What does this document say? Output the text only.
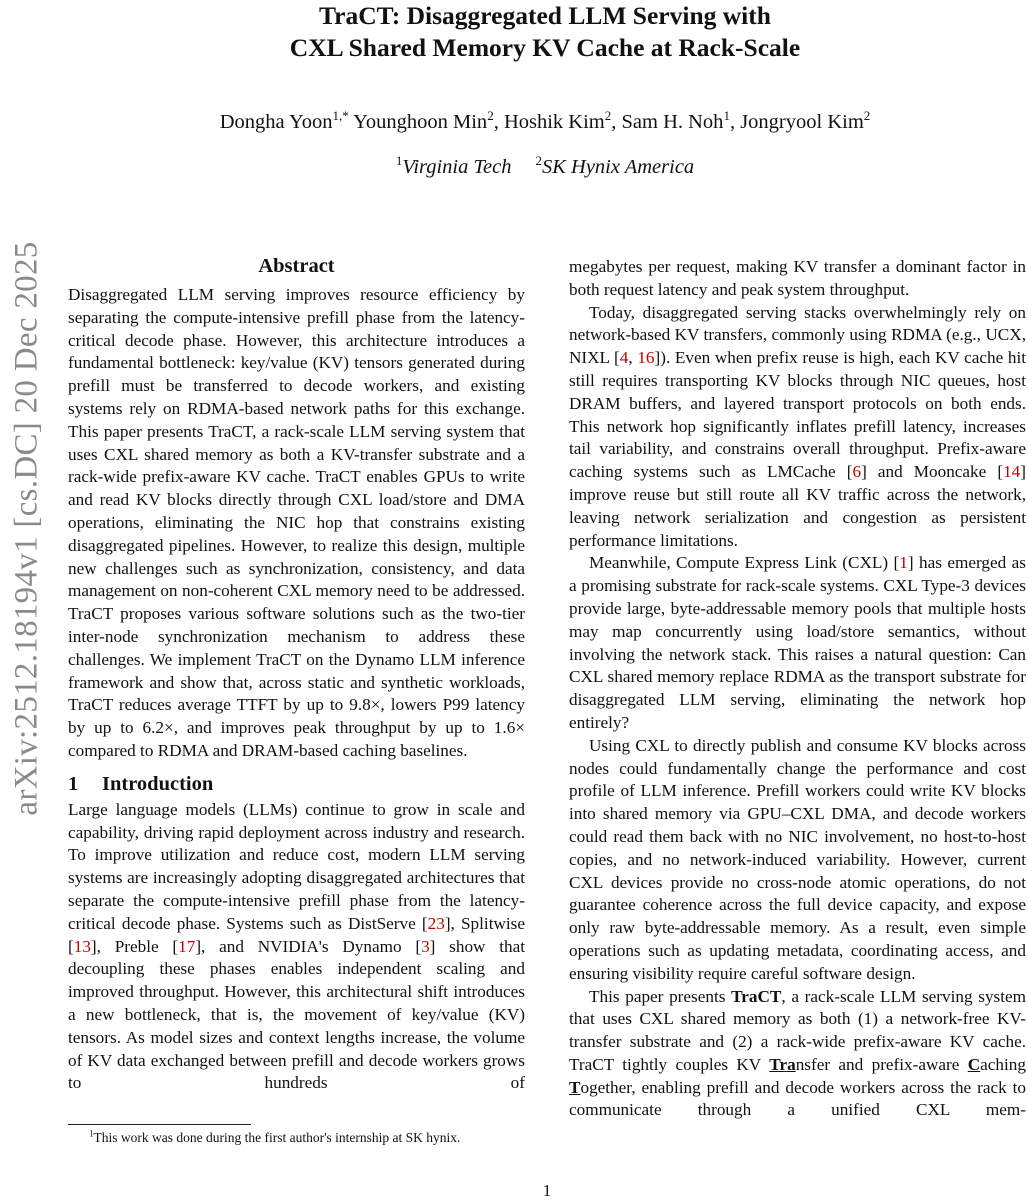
arXiv:2512.18194v1 [cs.DC] 20 Dec 2025
TraCT: Disaggregated LLM Serving with
CXL Shared Memory KV Cache at Rack-Scale
Dongha Yoon$^{1,*}$ Younghoon Min$^2$, Hoshik Kim$^2$, Sam H. Noh$^1$, Jongryool Kim$^2$
$^1$Virginia Tech $^2$SK Hynix America
Abstract

Disaggregated LLM serving improves resource efficiency by separating the compute-intensive prefill phase from the latency-critical decode phase. However, this architecture introduces a fundamental bottleneck: key/value (KV) tensors generated during prefill must be transferred to decode workers, and existing systems rely on RDMA-based network paths for this exchange. This paper presents TraCT, a rack-scale LLM serving system that uses CXL shared memory as both a KV-transfer substrate and a rack-wide prefix-aware KV cache. TraCT enables GPUs to write and read KV blocks directly through CXL load/store and DMA operations, eliminating the NIC hop that constrains existing disaggregated pipelines. However, to realize this design, multiple new challenges such as synchronization, consistency, and data management on non-coherent CXL memory need to be addressed. TraCT proposes various software solutions such as the two-tier inter-node synchronization mechanism to address these challenges. We implement TraCT on the Dynamo LLM inference framework and show that, across static and synthetic workloads, TraCT reduces average TTFT by up to 9.8×, lowers P99 latency by up to 6.2×, and improves peak throughput by up to 1.6× compared to RDMA and DRAM-based caching baselines.

1 Introduction

Large language models (LLMs) continue to grow in scale and capability, driving rapid deployment across industry and research. To improve utilization and reduce cost, modern LLM serving systems are increasingly adopting disaggregated architectures that separate the compute-intensive prefill phase from the latency-critical decode phase. Systems such as DistServe [23], Splitwise [13], Preble [17], and NVIDIA's Dynamo [3] show that decoupling these phases enables independent scaling and improved throughput. However, this architectural shift introduces a new bottleneck, that is, the movement of key/value (KV) tensors. As model sizes and context lengths increase, the volume of KV data exchanged between prefill and decode workers grows to hundreds of

megabytes per request, making KV transfer a dominant factor in both request latency and peak system throughput.

Today, disaggregated serving stacks overwhelmingly rely on network-based KV transfers, commonly using RDMA (e.g., UCX, NIXL [4, 16]). Even when prefix reuse is high, each KV cache hit still requires transporting KV blocks through NIC queues, host DRAM buffers, and layered transport protocols on both ends. This network hop significantly inflates prefill latency, increases tail variability, and constrains overall throughput. Prefix-aware caching systems such as LMCache [6] and Mooncake [14] improve reuse but still route all KV traffic across the network, leaving network serialization and congestion as persistent performance limitations.

Meanwhile, Compute Express Link (CXL) [1] has emerged as a promising substrate for rack-scale systems. CXL Type-3 devices provide large, byte-addressable memory pools that multiple hosts may map concurrently using load/store semantics, without involving the network stack. This raises a natural question: Can CXL shared memory replace RDMA as the transport substrate for disaggregated LLM serving, eliminating the network hop entirely?

Using CXL to directly publish and consume KV blocks across nodes could fundamentally change the performance and cost profile of LLM inference. Prefill workers could write KV blocks into shared memory via GPU–CXL DMA, and decode workers could read them back with no NIC involvement, no host-to-host copies, and no network-induced variability. However, current CXL devices provide no cross-node atomic operations, do not guarantee coherence across the full device capacity, and expose only raw byte-addressable memory. As a result, even simple operations such as updating metadata, coordinating access, and ensuring visibility require careful software design.

This paper presents TraCT, a rack-scale LLM serving system that uses CXL shared memory as both (1) a network-free KV-transfer substrate and (2) a rack-wide prefix-aware KV cache. TraCT tightly couples KV Transfer and prefix-aware Caching Together, enabling prefill and decode workers across the rack to communicate through a unified CXL mem-

$^1$This work was done during the first author's internship at SK hynix.
1
